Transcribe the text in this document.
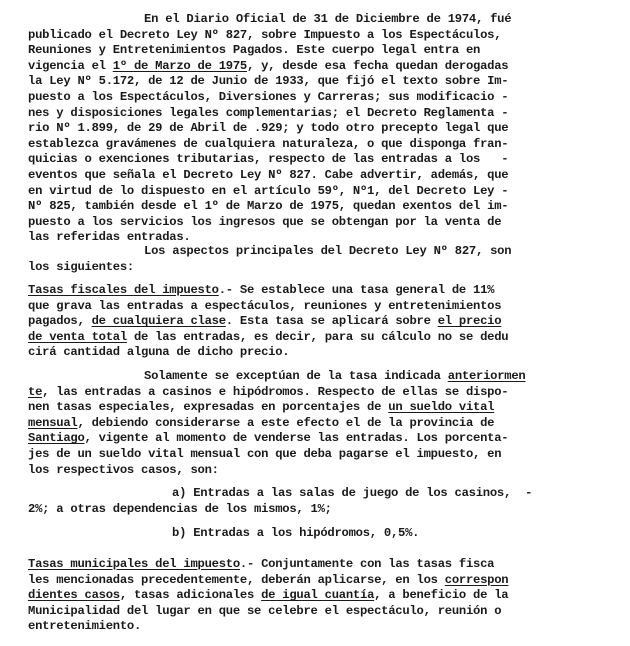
En el Diario Oficial de 31 de Diciembre de 1974, fué
publicado el Decreto Ley Nº 827, sobre Impuesto a los Espectáculos,
Reuniones y Entretenimientos Pagados. Este cuerpo legal entra en
vigencia el 1º de Marzo de 1975, y, desde esa fecha quedan derogadas
la Ley Nº 5.172, de 12 de Junio de 1933, que fijó el texto sobre Im-
puesto a los Espectáculos, Diversiones y Carreras; sus modificacio -
nes y disposiciones legales complementarias; el Decreto Reglamenta -
rio Nº 1.899, de 29 de Abril de .929; y todo otro precepto legal que
establezca gravámenes de cualquiera naturaleza, o que disponga fran-
quicias o exenciones tributarias, respecto de las entradas a los   -
eventos que señala el Decreto Ley Nº 827. Cabe advertir, además, que
en virtud de lo dispuesto en el artículo 59º, Nº1, del Decreto Ley -
Nº 825, también desde el 1º de Marzo de 1975, quedan exentos del im-
puesto a los servicios los ingresos que se obtengan por la venta de
las referidas entradas.
Los aspectos principales del Decreto Ley Nº 827, son
los siguientes:
Tasas fiscales del impuesto.- Se establece una tasa general de 11%
que grava las entradas a espectáculos, reuniones y entretenimientos
pagados, de cualquiera clase. Esta tasa se aplicará sobre el precio
de venta total de las entradas, es decir, para su cálculo no se dedu
cirá cantidad alguna de dicho precio.
Solamente se exceptúan de la tasa indicada anteriormen
te, las entradas a casinos e hipódromos. Respecto de ellas se dispo-
nen tasas especiales, expresadas en porcentajes de un sueldo vital
mensual, debiendo considerarse a este efecto el de la provincia de
Santiago, vigente al momento de venderse las entradas. Los porcenta-
jes de un sueldo vital mensual con que deba pagarse el impuesto, en
los respectivos casos, son:
a) Entradas a las salas de juego de los casinos,  -
2%; a otras dependencias de los mismos, 1%;
b) Entradas a los hipódromos, 0,5%.
Tasas municipales del impuesto.- Conjuntamente con las tasas fisca
les mencionadas precedentemente, deberán aplicarse, en los correspon
dientes casos, tasas adicionales de igual cuantía, a beneficio de la
Municipalidad del lugar en que se celebre el espectáculo, reunión o
entretenimiento.
